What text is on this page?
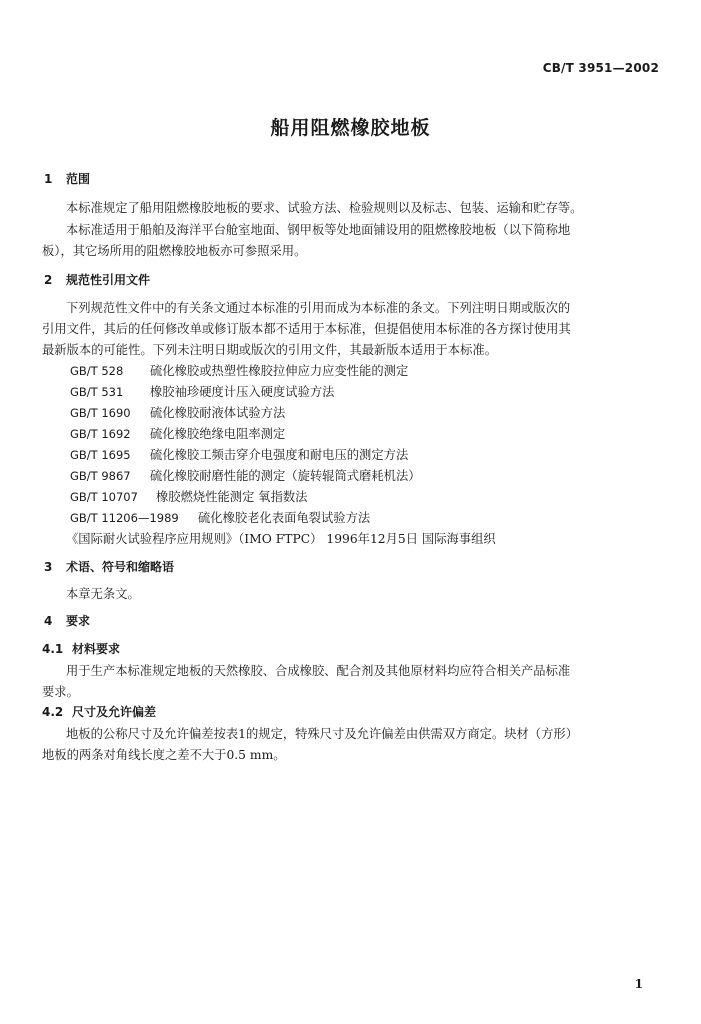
CB/T 3951—2002
船用阻燃橡胶地板
1 范围
本标准规定了船用阻燃橡胶地板的要求、试验方法、检验规则以及标志、包装、运输和贮存等。
本标准适用于船舶及海洋平台舱室地面、钢甲板等处地面铺设用的阻燃橡胶地板（以下简称地
板），其它场所用的阻燃橡胶地板亦可参照采用。
2 规范性引用文件
下列规范性文件中的有关条文通过本标准的引用而成为本标准的条文。下列注明日期或版次的
引用文件，其后的任何修改单或修订版本都不适用于本标准，但提倡使用本标准的各方探讨使用其
最新版本的可能性。下列未注明日期或版次的引用文件，其最新版本适用于本标准。
GB/T 528 硫化橡胶或热塑性橡胶拉伸应力应变性能的测定
GB/T 531 橡胶袖珍硬度计压入硬度试验方法
GB/T 1690 硫化橡胶耐液体试验方法
GB/T 1692 硫化橡胶绝缘电阻率测定
GB/T 1695 硫化橡胶工频击穿介电强度和耐电压的测定方法
GB/T 9867 硫化橡胶耐磨性能的测定（旋转辊筒式磨耗机法）
GB/T 10707 橡胶燃烧性能测定 氧指数法
GB/T 11206—1989 硫化橡胶老化表面龟裂试验方法
《国际耐火试验程序应用规则》（IMO FTPC） 1996年12月5日 国际海事组织
3 术语、符号和缩略语
本章无条文。
4 要求
4.1 材料要求
用于生产本标准规定地板的天然橡胶、合成橡胶、配合剂及其他原材料均应符合相关产品标准
要求。
4.2 尺寸及允许偏差
地板的公称尺寸及允许偏差按表1的规定，特殊尺寸及允许偏差由供需双方商定。块材（方形）
地板的两条对角线长度之差不大于0.5 mm。
1
